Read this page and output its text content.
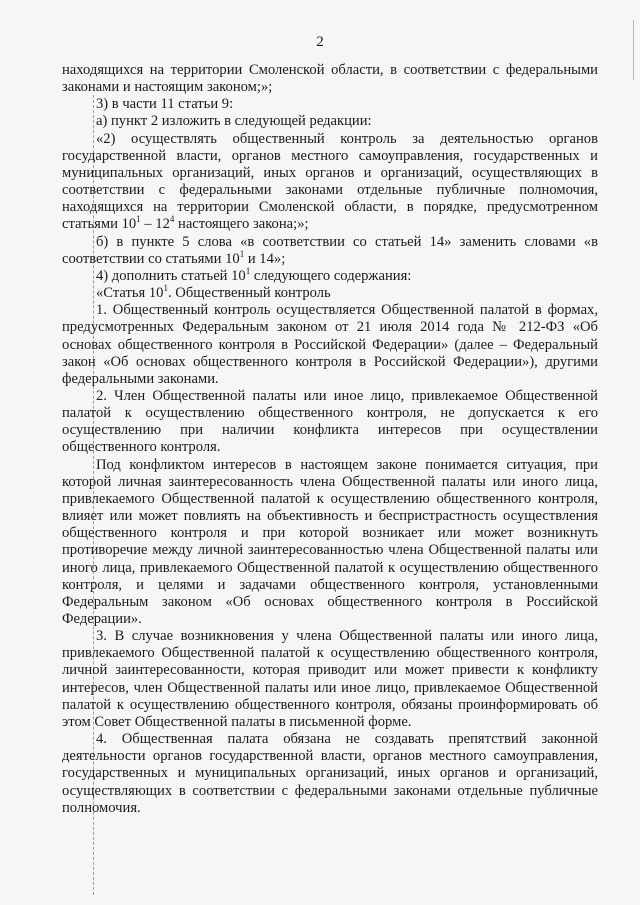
2

находящихся на территории Смоленской области, в соответствии с федеральными законами и настоящим законом;»;

3) в части 11 статьи 9:

а) пункт 2 изложить в следующей редакции:

«2) осуществлять общественный контроль за деятельностью органов государственной власти, органов местного самоуправления, государственных и муниципальных организаций, иных органов и организаций, осуществляющих в соответствии с федеральными законами отдельные публичные полномочия, находящихся на территории Смоленской области, в порядке, предусмотренном статьями $10^1 - 12^4$ настоящего закона;»;

б) в пункте 5 слова «в соответствии со статьей 14» заменить словами «в соответствии со статьями $10^1$ и 14»;

4) дополнить статьей $10^1$ следующего содержания:

«Статья $10^1$. Общественный контроль

1. Общественный контроль осуществляется Общественной палатой в формах, предусмотренных Федеральным законом от 21 июля 2014 года № 212-ФЗ «Об основах общественного контроля в Российской Федерации» (далее – Федеральный закон «Об основах общественного контроля в Российской Федерации»), другими федеральными законами.

2. Член Общественной палаты или иное лицо, привлекаемое Общественной палатой к осуществлению общественного контроля, не допускается к его осуществлению при наличии конфликта интересов при осуществлении общественного контроля.

Под конфликтом интересов в настоящем законе понимается ситуация, при которой личная заинтересованность члена Общественной палаты или иного лица, привлекаемого Общественной палатой к осуществлению общественного контроля, влияет или может повлиять на объективность и беспристрастность осуществления общественного контроля и при которой возникает или может возникнуть противоречие между личной заинтересованностью члена Общественной палаты или иного лица, привлекаемого Общественной палатой к осуществлению общественного контроля, и целями и задачами общественного контроля, установленными Федеральным законом «Об основах общественного контроля в Российской Федерации».

3. В случае возникновения у члена Общественной палаты или иного лица, привлекаемого Общественной палатой к осуществлению общественного контроля, личной заинтересованности, которая приводит или может привести к конфликту интересов, член Общественной палаты или иное лицо, привлекаемое Общественной палатой к осуществлению общественного контроля, обязаны проинформировать об этом Совет Общественной палаты в письменной форме.

4. Общественная палата обязана не создавать препятствий законной деятельности органов государственной власти, органов местного самоуправления, государственных и муниципальных организаций, иных органов и организаций, осуществляющих в соответствии с федеральными законами отдельные публичные полномочия.
